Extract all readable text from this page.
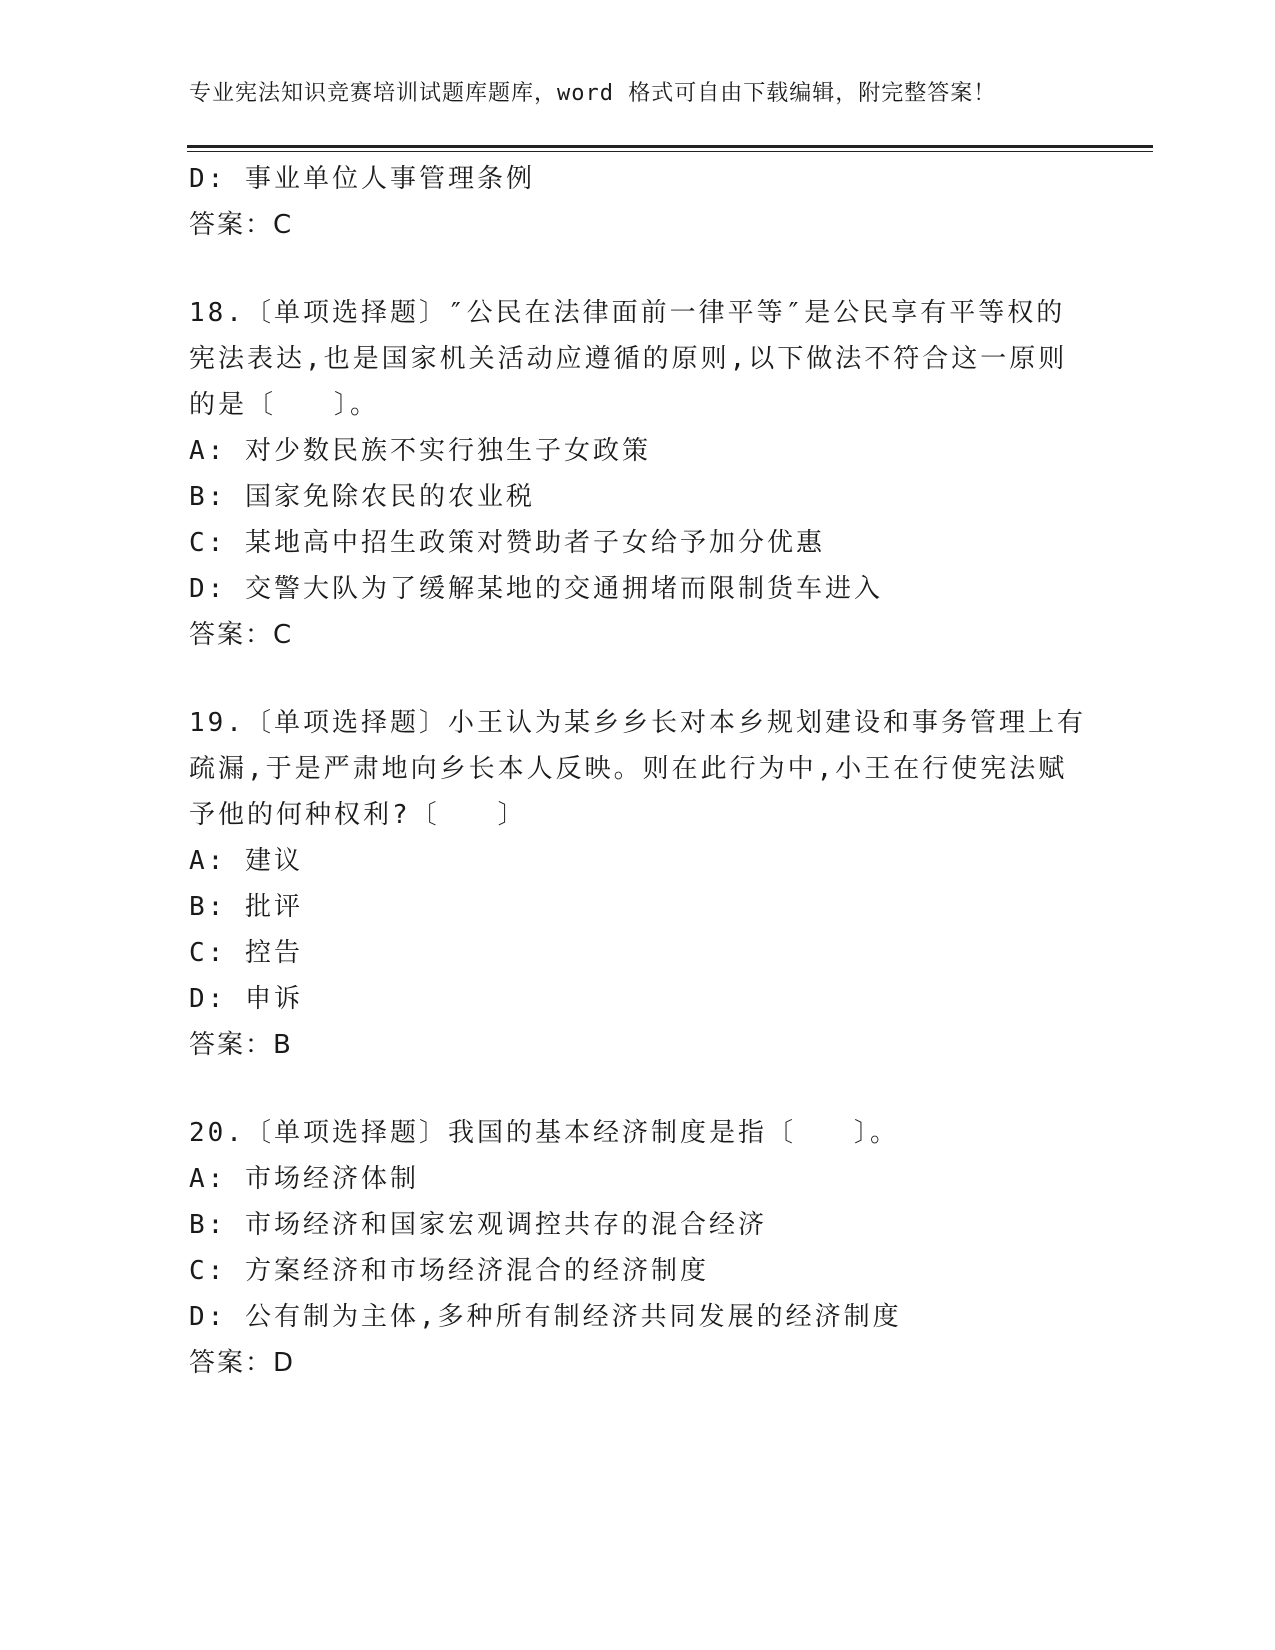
专业宪法知识竞赛培训试题库题库，word 格式可自由下载编辑，附完整答案！
D: 事业单位人事管理条例
答案：C
18.〔单项选择题〕″公民在法律面前一律平等″是公民享有平等权的
宪法表达,也是国家机关活动应遵循的原则,以下做法不符合这一原则
的是〔　　〕。
A: 对少数民族不实行独生子女政策
B: 国家免除农民的农业税
C: 某地高中招生政策对赞助者子女给予加分优惠
D: 交警大队为了缓解某地的交通拥堵而限制货车进入
答案：C
19.〔单项选择题〕小王认为某乡乡长对本乡规划建设和事务管理上有
疏漏,于是严肃地向乡长本人反映。则在此行为中,小王在行使宪法赋
予他的何种权利?〔　　〕
A: 建议
B: 批评
C: 控告
D: 申诉
答案：B
20.〔单项选择题〕我国的基本经济制度是指〔　　〕。
A: 市场经济体制
B: 市场经济和国家宏观调控共存的混合经济
C: 方案经济和市场经济混合的经济制度
D: 公有制为主体,多种所有制经济共同发展的经济制度
答案：D
